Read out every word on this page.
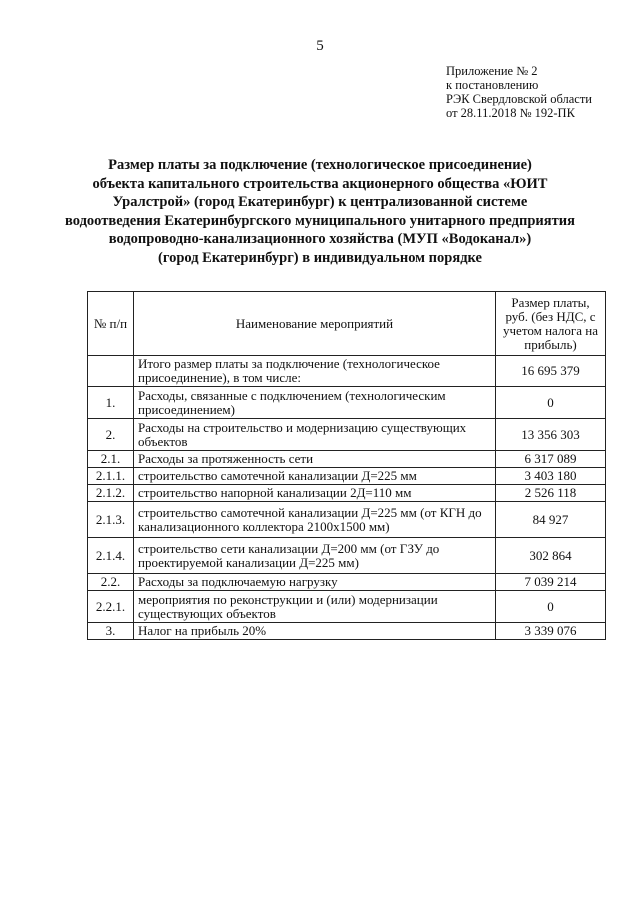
5
Приложение № 2
к постановлению
РЭК Свердловской области
от 28.11.2018 № 192-ПК
Размер платы за подключение (технологическое присоединение)
объекта капитального строительства акционерного общества «ЮИТ
Уралстрой» (город Екатеринбург) к централизованной системе
водоотведения Екатеринбургского муниципального унитарного предприятия
водопроводно-канализационного хозяйства (МУП «Водоканал»)
(город Екатеринбург) в индивидуальном порядке
№ п/п	Наименование мероприятий	Размер платы, руб. (без НДС, с учетом налога на прибыль)
	Итого размер платы за подключение (технологическое присоединение), в том числе:	16 695 379
1.	Расходы, связанные с подключением (технологическим присоединением)	0
2.	Расходы на строительство и модернизацию существующих объектов	13 356 303
2.1.	Расходы за протяженность сети	6 317 089
2.1.1.	строительство самотечной канализации Д=225 мм	3 403 180
2.1.2.	строительство напорной канализации 2Д=110 мм	2 526 118
2.1.3.	строительство самотечной канализации Д=225 мм (от КГН до канализационного коллектора 2100х1500 мм)	84 927
2.1.4.	строительство сети канализации Д=200 мм (от ГЗУ до проектируемой канализации Д=225 мм)	302 864
2.2.	Расходы за подключаемую нагрузку	7 039 214
2.2.1.	мероприятия по реконструкции и (или) модернизации существующих объектов	0
3.	Налог на прибыль 20%	3 339 076
